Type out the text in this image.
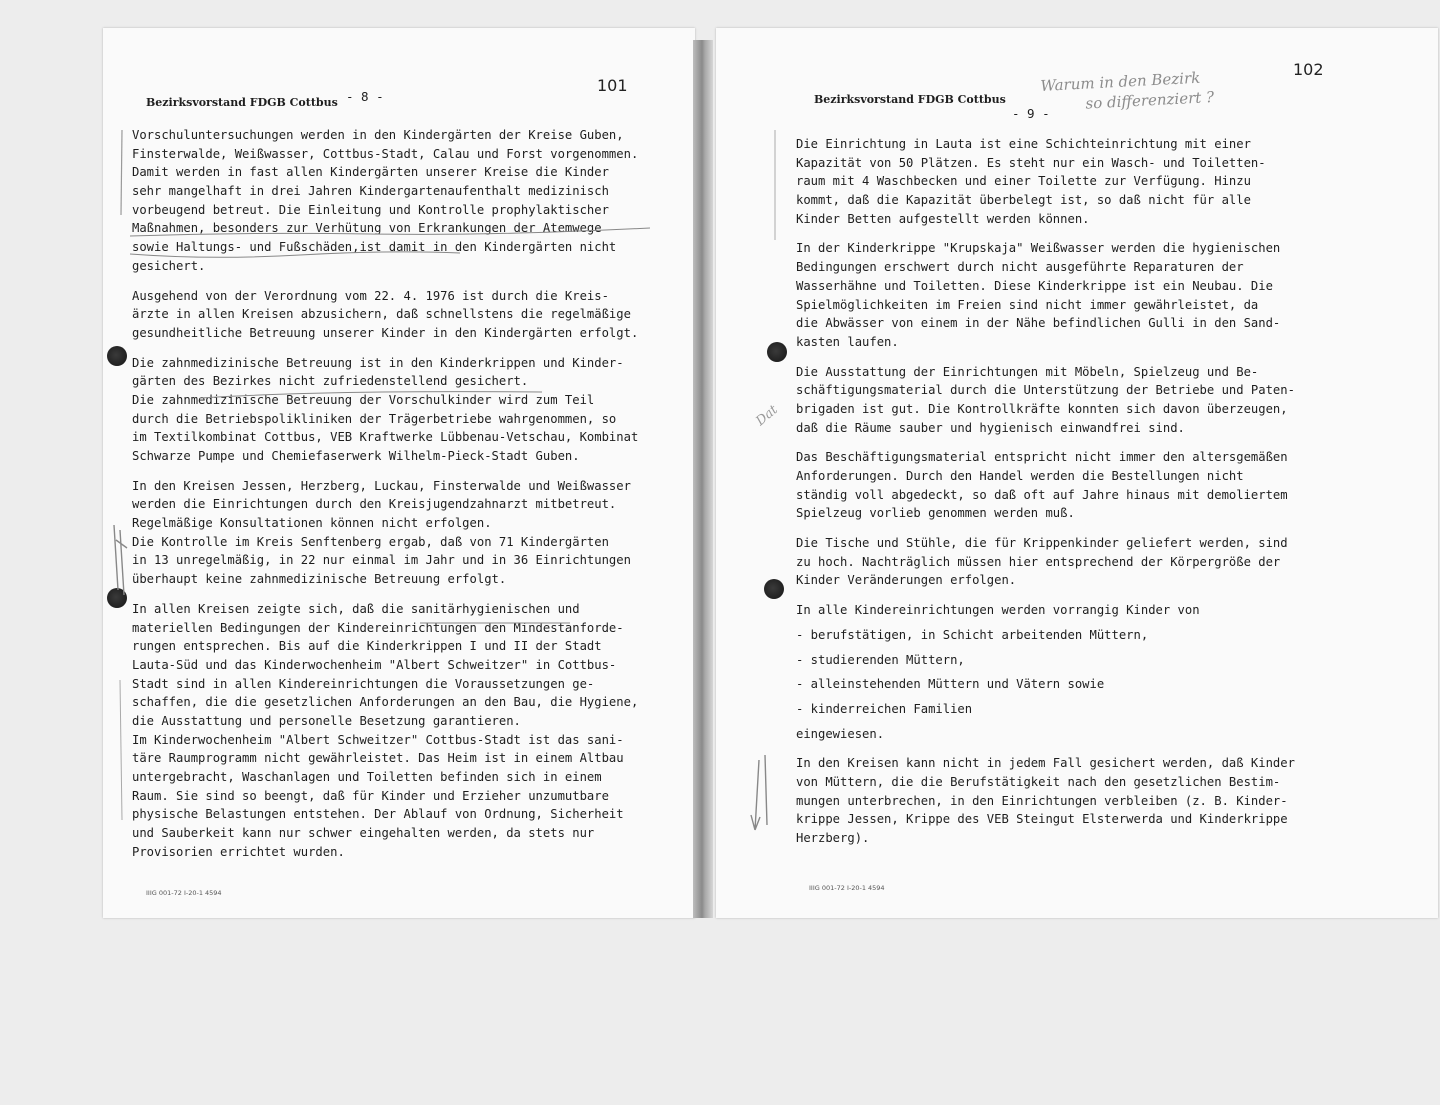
Bezirksvorstand FDGB Cottbus - 8 -
101
Vorschuluntersuchungen werden in den Kindergärten der Kreise Guben,
Finsterwalde, Weißwasser, Cottbus-Stadt, Calau und Forst vorgenommen.
Damit werden in fast allen Kindergärten unserer Kreise die Kinder
sehr mangelhaft in drei Jahren Kindergartenaufenthalt medizinisch
vorbeugend betreut. Die Einleitung und Kontrolle prophylaktischer
Maßnahmen, besonders zur Verhütung von Erkrankungen der Atemwege
sowie Haltungs- und Fußschäden,ist damit in den Kindergärten nicht
gesichert.
Ausgehend von der Verordnung vom 22. 4. 1976 ist durch die Kreis-
ärzte in allen Kreisen abzusichern, daß schnellstens die regelmäßige
gesundheitliche Betreuung unserer Kinder in den Kindergärten erfolgt.
Die zahnmedizinische Betreuung ist in den Kinderkrippen und Kinder-
gärten des Bezirkes nicht zufriedenstellend gesichert.
Die zahnmedizinische Betreuung der Vorschulkinder wird zum Teil
durch die Betriebspolikliniken der Trägerbetriebe wahrgenommen, so
im Textilkombinat Cottbus, VEB Kraftwerke Lübbenau-Vetschau, Kombinat
Schwarze Pumpe und Chemiefaserwerk Wilhelm-Pieck-Stadt Guben.
In den Kreisen Jessen, Herzberg, Luckau, Finsterwalde und Weißwasser
werden die Einrichtungen durch den Kreisjugendzahnarzt mitbetreut.
Regelmäßige Konsultationen können nicht erfolgen.
Die Kontrolle im Kreis Senftenberg ergab, daß von 71 Kindergärten
in 13 unregelmäßig, in 22 nur einmal im Jahr und in 36 Einrichtungen
überhaupt keine zahnmedizinische Betreuung erfolgt.
In allen Kreisen zeigte sich, daß die sanitärhygienischen und
materiellen Bedingungen der Kindereinrichtungen den Mindestanforde-
rungen entsprechen. Bis auf die Kinderkrippen I und II der Stadt
Lauta-Süd und das Kinderwochenheim "Albert Schweitzer" in Cottbus-
Stadt sind in allen Kindereinrichtungen die Voraussetzungen ge-
schaffen, die die gesetzlichen Anforderungen an den Bau, die Hygiene,
die Ausstattung und personelle Besetzung garantieren.
Im Kinderwochenheim "Albert Schweitzer" Cottbus-Stadt ist das sani-
täre Raumprogramm nicht gewährleistet. Das Heim ist in einem Altbau
untergebracht, Waschanlagen und Toiletten befinden sich in einem
Raum. Sie sind so beengt, daß für Kinder und Erzieher unzumutbare
physische Belastungen entstehen. Der Ablauf von Ordnung, Sicherheit
und Sauberkeit kann nur schwer eingehalten werden, da stets nur
Provisorien errichtet wurden.
IIIG 001-72 I-20-1 4594
Bezirksvorstand FDGB Cottbus
- 9 -
102
Warum in den Bezirk
so differenziert ?
Dat
Die Einrichtung in Lauta ist eine Schichteinrichtung mit einer
Kapazität von 50 Plätzen. Es steht nur ein Wasch- und Toiletten-
raum mit 4 Waschbecken und einer Toilette zur Verfügung. Hinzu
kommt, daß die Kapazität überbelegt ist, so daß nicht für alle
Kinder Betten aufgestellt werden können.
In der Kinderkrippe "Krupskaja" Weißwasser werden die hygienischen
Bedingungen erschwert durch nicht ausgeführte Reparaturen der
Wasserhähne und Toiletten. Diese Kinderkrippe ist ein Neubau. Die
Spielmöglichkeiten im Freien sind nicht immer gewährleistet, da
die Abwässer von einem in der Nähe befindlichen Gulli in den Sand-
kasten laufen.
Die Ausstattung der Einrichtungen mit Möbeln, Spielzeug und Be-
schäftigungsmaterial durch die Unterstützung der Betriebe und Paten-
brigaden ist gut. Die Kontrollkräfte konnten sich davon überzeugen,
daß die Räume sauber und hygienisch einwandfrei sind.
Das Beschäftigungsmaterial entspricht nicht immer den altersgemäßen
Anforderungen. Durch den Handel werden die Bestellungen nicht
ständig voll abgedeckt, so daß oft auf Jahre hinaus mit demoliertem
Spielzeug vorlieb genommen werden muß.
Die Tische und Stühle, die für Krippenkinder geliefert werden, sind
zu hoch. Nachträglich müssen hier entsprechend der Körpergröße der
Kinder Veränderungen erfolgen.
In alle Kindereinrichtungen werden vorrangig Kinder von
- berufstätigen, in Schicht arbeitenden Müttern,
- studierenden Müttern,
- alleinstehenden Müttern und Vätern sowie
- kinderreichen Familien
eingewiesen.
In den Kreisen kann nicht in jedem Fall gesichert werden, daß Kinder
von Müttern, die die Berufstätigkeit nach den gesetzlichen Bestim-
mungen unterbrechen, in den Einrichtungen verbleiben (z. B. Kinder-
krippe Jessen, Krippe des VEB Steingut Elsterwerda und Kinderkrippe
Herzberg).
IIIG 001-72 I-20-1 4594
